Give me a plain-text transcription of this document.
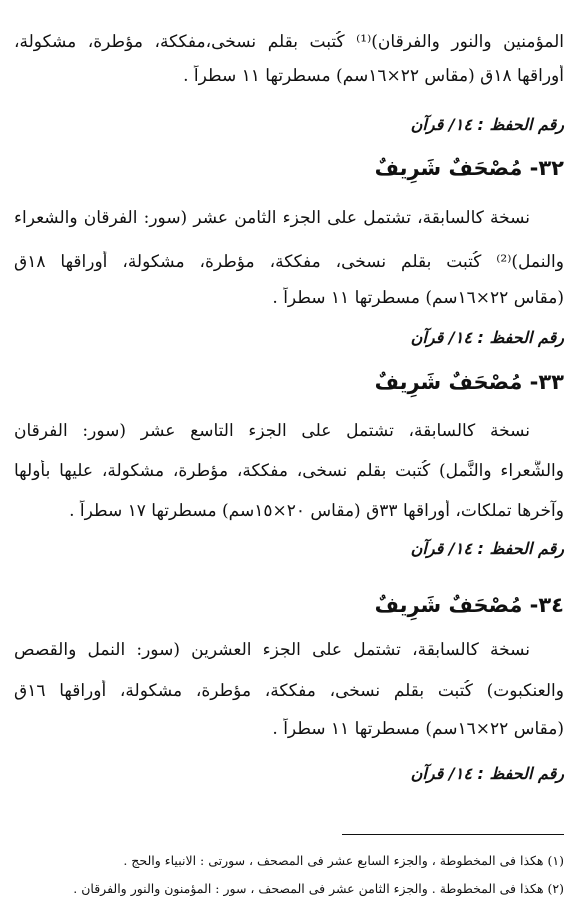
المؤمنين والنور والفرقان)⁽¹⁾ كُتبت بقلم نسخى،مفككة، مؤطرة، مشكولة،
أوراقها ١٨ق (مقاس ٢٢×١٦سم) مسطرتها ١١ سطراً .
رقم الحفظ : ١٤/ قرآن
٣٢- مُصْحَفٌ شَرِيفٌ
نسخة كالسابقة، تشتمل على الجزء الثامن عشر (سور: الفرقان والشعراء
والنمل)⁽²⁾ كُتبت بقلم نسخى، مفككة، مؤطرة، مشكولة، أوراقها ١٨ق
(مقاس ٢٢×١٦سم) مسطرتها ١١ سطراً .
رقم الحفظ : ١٤/ قرآن
٣٣- مُصْحَفٌ شَرِيفٌ
نسخة كالسابقة، تشتمل على الجزء التاسع عشر (سور: الفرقان
والشُّعراء والنَّمل) كُتبت بقلم نسخى، مفككة، مؤطرة، مشكولة، عليها بأولها
وآخرها تملكات، أوراقها ٣٣ق (مقاس ٢٠×١٥سم) مسطرتها ١٧ سطراً .
رقم الحفظ : ١٤/ قرآن
٣٤- مُصْحَفٌ شَرِيفٌ
نسخة كالسابقة، تشتمل على الجزء العشرين (سور: النمل والقصص
والعنكبوت) كُتبت بقلم نسخى، مفككة، مؤطرة، مشكولة، أوراقها ١٦ق
(مقاس ٢٢×١٦سم) مسطرتها ١١ سطراً .
رقم الحفظ : ١٤/ قرآن
(١) هكذا فى المخطوطة ، والجزء السابع عشر فى المصحف ، سورتى : الانبياء والحج .
(٢) هكذا فى المخطوطة . والجزء الثامن عشر فى المصحف ، سور : المؤمنون والنور والفرقان .
